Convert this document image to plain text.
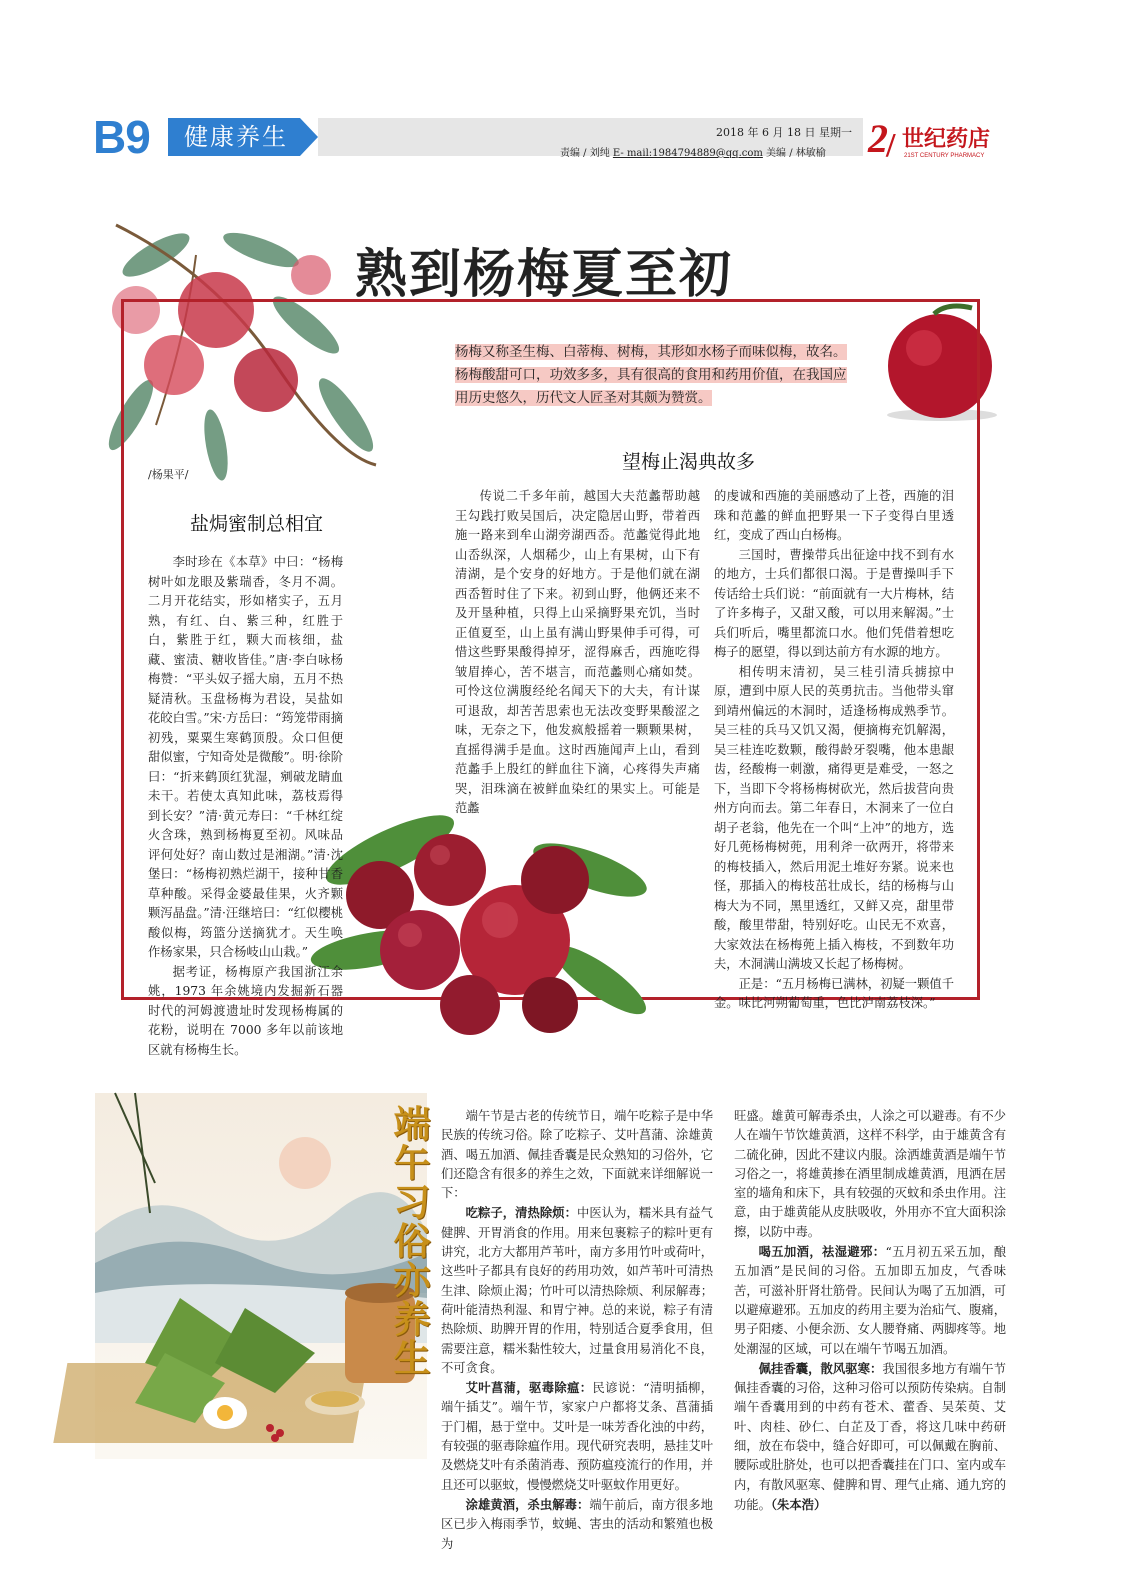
B9 健康养生	2018 年 6 月 18 日 星期一
责编 / 刘纯 E- mail:1984794889@qq.com 美编 / 林敏榆 2
/ 世纪药店
21ST CENTURY PHARMACY
熟到杨梅夏至初
杨梅又称圣生梅、白蒂梅、树梅，其形如水杨子而味似梅，故名。杨梅酸甜可口，功效多多，具有很高的食用和药用价值，在我国应用历史悠久，历代文人匠圣对其颇为赞赏。
/杨果平/
盐焗蜜制总相宜
望梅止渴典故多

李时珍在《本草》中曰：“杨梅树叶如龙眼及紫瑞香，冬月不凋。二月开花结实，形如楮实子，五月熟，有红、白、紫三种，红胜于白，紫胜于红，颗大而核细，盐藏、蜜渍、糖收皆佳。”唐·李白咏杨梅赞：“平头奴子摇大扇，五月不热疑清秋。玉盘杨梅为君设，吴盐如花皎白雪。”宋·方岳曰：“筠笼带雨摘初残，粟粟生寒鹤顶殷。众口但便甜似蜜，宁知奇处是微酸”。明·徐阶曰：“折来鹤顶红犹湿，剜破龙睛血未干。若使太真知此味，荔枝焉得到长安？”清·黄元寿曰：“千林红绽火含珠，熟到杨梅夏至初。风味品评何处好？南山数过是湘湖。”清·沈堡曰：“杨梅初熟烂湖干，接种甘香草种酸。采得金婆最佳果，火齐颗颗泻晶盘。”清·汪继培曰：“红似樱桃酸似梅，筠篮分送摘犹才。天生唤作杨家果，只合杨岐山山栽。”

据考证，杨梅原产我国浙江余姚，1973 年余姚境内发掘新石器时代的河姆渡遗址时发现杨梅属的花粉，说明在 7000 多年以前该地区就有杨梅生长。

传说二千多年前，越国大夫范蠡帮助越王勾践打败吴国后，决定隐居山野，带着西施一路来到牟山湖旁湖西岙。范蠡觉得此地山岙纵深，人烟稀少，山上有果树，山下有清湖，是个安身的好地方。于是他们就在湖西岙暂时住了下来。初到山野，他俩还来不及开垦种植，只得上山采摘野果充饥，当时正值夏至，山上虽有满山野果伸手可得，可惜这些野果酸得掉牙，涩得麻舌，西施吃得皱眉捧心，苦不堪言，而范蠡则心痛如焚。可怜这位满腹经纶名闻天下的大夫，有计谋可退敌，却苦苦思索也无法改变野果酸涩之味，无奈之下，他发疯般摇着一颗颗果树，直摇得满手是血。这时西施闻声上山，看到范蠡手上殷红的鲜血往下滴，心疼得失声痛哭，泪珠滴在被鲜血染红的果实上。可能是范蠡

的虔诚和西施的美丽感动了上苍，西施的泪珠和范蠡的鲜血把野果一下子变得白里透红，变成了西山白杨梅。

三国时，曹操带兵出征途中找不到有水的地方，士兵们都很口渴。于是曹操叫手下传话给士兵们说：“前面就有一大片梅林，结了许多梅子，又甜又酸，可以用来解渴。”士兵们听后，嘴里都流口水。他们凭借着想吃梅子的愿望，得以到达前方有水源的地方。

相传明末清初，吴三桂引清兵掳掠中原，遭到中原人民的英勇抗击。当他带头窜到靖州偏远的木洞时，适逢杨梅成熟季节。吴三桂的兵马又饥又渴，便摘梅充饥解渴，吴三桂连吃数颗，酸得龄牙裂嘴，他本患龈齿，经酸梅一刺激，痛得更是难受，一怒之下，当即下令将杨梅树砍光，然后拔营向贵州方向而去。第二年春日，木洞来了一位白胡子老翁，他先在一个叫“上冲”的地方，选好几蔸杨梅树蔸，用利斧一砍两开，将带来的梅枝插入，然后用泥土堆好夯紧。说来也怪，那插入的梅枝茁壮成长，结的杨梅与山梅大为不同，黑里透红，又鲜又亮，甜里带酸，酸里带甜，特别好吃。山民无不欢喜，大家效法在杨梅蔸上插入梅枝，不到数年功夫，木洞满山满坡又长起了杨梅树。

正是：“五月杨梅已满林，初疑一颗值千金。味比河朔葡萄重，色比泸南荔枝深。”

端午习俗亦养生

端午节是古老的传统节日，端午吃粽子是中华民族的传统习俗。除了吃粽子、艾叶菖蒲、涂雄黄酒、喝五加酒、佩挂香囊是民众熟知的习俗外，它们还隐含有很多的养生之效，下面就来详细解说一下：

吃粽子，清热除烦：中医认为，糯米具有益气健脾、开胃消食的作用。用来包裹粽子的粽叶更有讲究，北方大都用芦苇叶，南方多用竹叶或荷叶，这些叶子都具有良好的药用功效，如芦苇叶可清热生津、除烦止渴；竹叶可以清热除烦、利尿解毒；荷叶能清热利湿、和胃宁神。总的来说，粽子有清热除烦、助脾开胃的作用，特别适合夏季食用，但需要注意，糯米黏性较大，过量食用易消化不良，不可贪食。

艾叶菖蒲，驱毒除瘟：民谚说：“清明插柳，端午插艾”。端午节，家家户户都将艾条、菖蒲插于门楣，悬于堂中。艾叶是一味芳香化浊的中药，有较强的驱毒除瘟作用。现代研究表明，悬挂艾叶及燃烧艾叶有杀菌消毒、预防瘟疫流行的作用，并且还可以驱蚊，慢慢燃烧艾叶驱蚊作用更好。

涂雄黄酒，杀虫解毒：端午前后，南方很多地区已步入梅雨季节，蚊蝇、害虫的活动和繁殖也极为

旺盛。雄黄可解毒杀虫，人涂之可以避毒。有不少人在端午节饮雄黄酒，这样不科学，由于雄黄含有二硫化砷，因此不建议内服。涂洒雄黄酒是端午节习俗之一，将雄黄掺在酒里制成雄黄酒，甩洒在居室的墙角和床下，具有较强的灭蚊和杀虫作用。注意，由于雄黄能从皮肤吸收，外用亦不宜大面积涂擦，以防中毒。

喝五加酒，祛湿避邪：“五月初五采五加，酿五加酒”是民间的习俗。五加即五加皮，气香味苦，可滋补肝肾壮筋骨。民间认为喝了五加酒，可以避瘴避邪。五加皮的药用主要为治疝气、腹痛，男子阳痿、小便余沥、女人腰脊痛、两脚疼等。地处潮湿的区域，可以在端午节喝五加酒。

佩挂香囊，散风驱寒：我国很多地方有端午节佩挂香囊的习俗，这种习俗可以预防传染病。自制端午香囊用到的中药有苍术、藿香、吴茱萸、艾叶、肉桂、砂仁、白芷及丁香，将这几味中药研细，放在布袋中，缝合好即可，可以佩戴在胸前、腰际或肚脐处，也可以把香囊挂在门口、室内或车内，有散风驱寒、健脾和胃、理气止痛、通九窍的功能。（朱本浩）
